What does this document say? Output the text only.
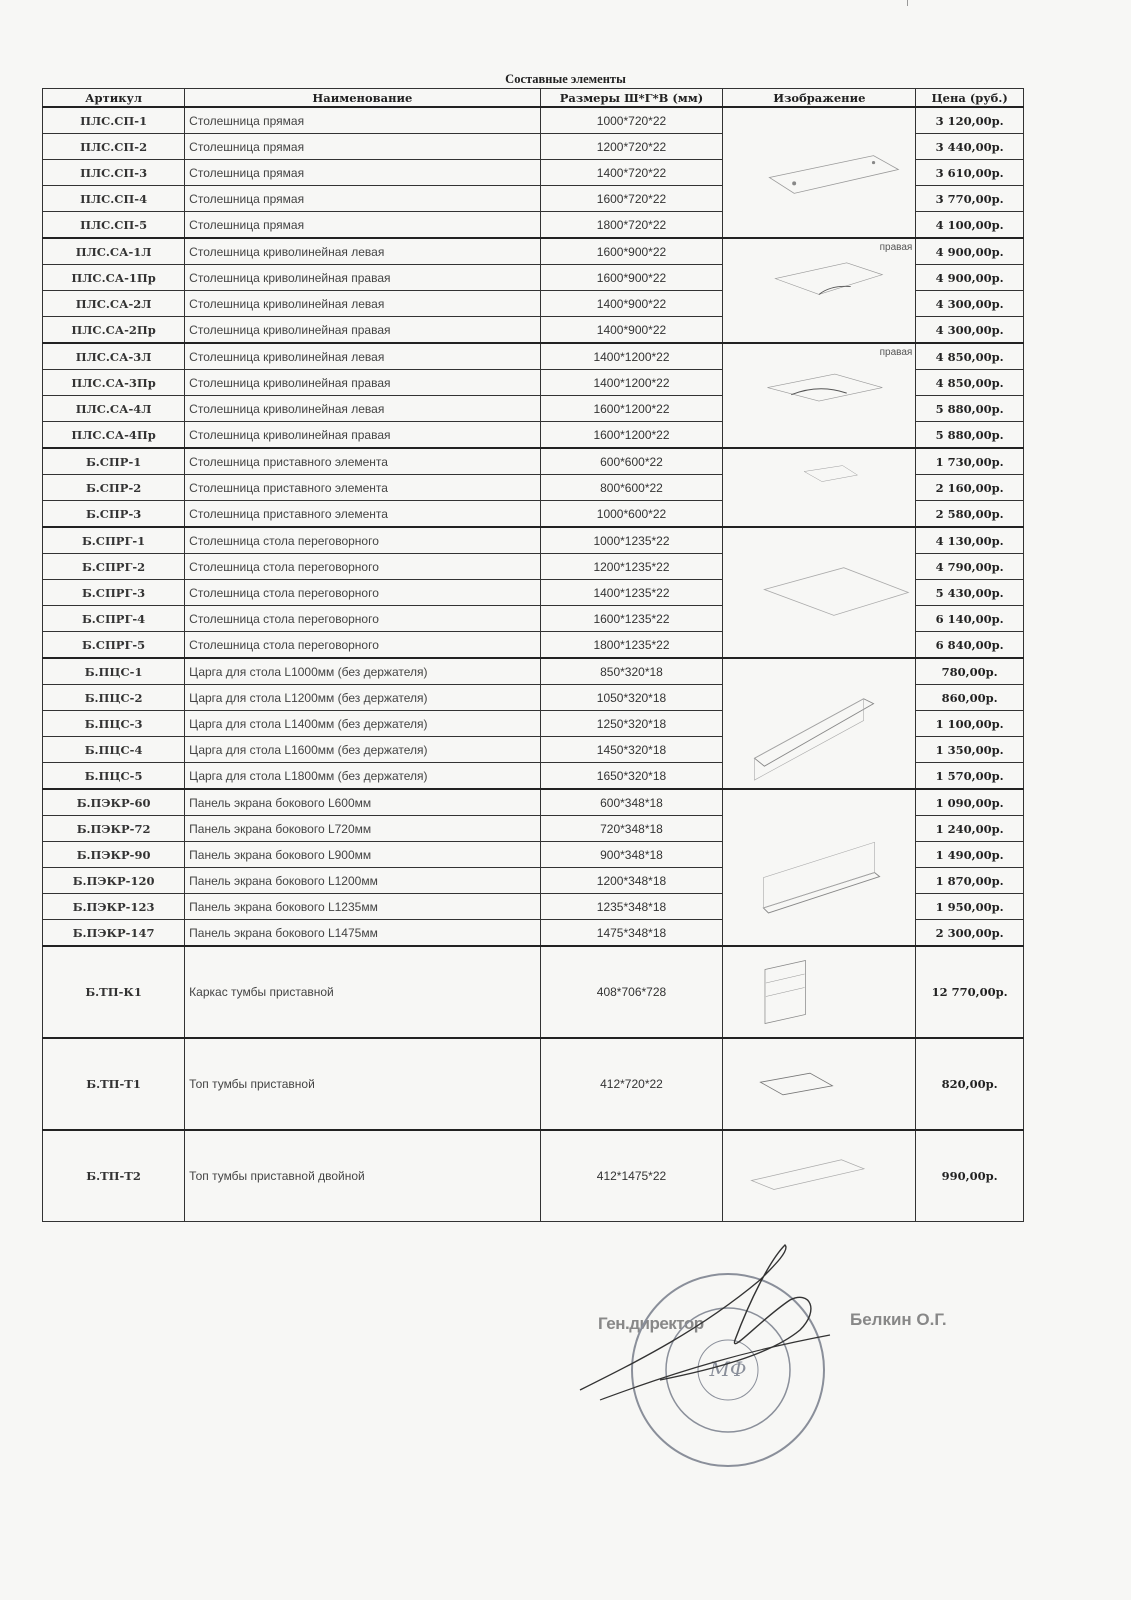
Составные элементы
Артикул	Наименование	Размеры Ш*Г*В (мм)	Изображение	Цена (руб.)
ПЛС.СП-1	Столешница прямая	1000*720*22		3 120,00р.
ПЛС.СП-2	Столешница прямая	1200*720*22		3 440,00р.
ПЛС.СП-3	Столешница прямая	1400*720*22		3 610,00р.
ПЛС.СП-4	Столешница прямая	1600*720*22		3 770,00р.
ПЛС.СП-5	Столешница прямая	1800*720*22		4 100,00р.
ПЛС.СА-1Л	Столешница криволинейная левая	1600*900*22	правая	4 900,00р.
ПЛС.СА-1Пр	Столешница криволинейная правая	1600*900*22		4 900,00р.
ПЛС.СА-2Л	Столешница криволинейная левая	1400*900*22		4 300,00р.
ПЛС.СА-2Пр	Столешница криволинейная правая	1400*900*22		4 300,00р.
ПЛС.СА-3Л	Столешница криволинейная левая	1400*1200*22	правая	4 850,00р.
ПЛС.СА-3Пр	Столешница криволинейная правая	1400*1200*22		4 850,00р.
ПЛС.СА-4Л	Столешница криволинейная левая	1600*1200*22		5 880,00р.
ПЛС.СА-4Пр	Столешница криволинейная правая	1600*1200*22		5 880,00р.
Б.СПР-1	Столешница приставного элемента	600*600*22		1 730,00р.
Б.СПР-2	Столешница приставного элемента	800*600*22		2 160,00р.
Б.СПР-3	Столешница приставного элемента	1000*600*22		2 580,00р.
Б.СПРГ-1	Столешница стола переговорного	1000*1235*22		4 130,00р.
Б.СПРГ-2	Столешница стола переговорного	1200*1235*22		4 790,00р.
Б.СПРГ-3	Столешница стола переговорного	1400*1235*22		5 430,00р.
Б.СПРГ-4	Столешница стола переговорного	1600*1235*22		6 140,00р.
Б.СПРГ-5	Столешница стола переговорного	1800*1235*22		6 840,00р.
Б.ПЦС-1	Царга для стола L1000мм (без держателя)	850*320*18		780,00р.
Б.ПЦС-2	Царга для стола L1200мм (без держателя)	1050*320*18		860,00р.
Б.ПЦС-3	Царга для стола L1400мм (без держателя)	1250*320*18		1 100,00р.
Б.ПЦС-4	Царга для стола L1600мм (без держателя)	1450*320*18		1 350,00р.
Б.ПЦС-5	Царга для стола L1800мм (без держателя)	1650*320*18		1 570,00р.
Б.ПЭКР-60	Панель экрана бокового L600мм	600*348*18		1 090,00р.
Б.ПЭКР-72	Панель экрана бокового L720мм	720*348*18		1 240,00р.
Б.ПЭКР-90	Панель экрана бокового L900мм	900*348*18		1 490,00р.
Б.ПЭКР-120	Панель экрана бокового L1200мм	1200*348*18		1 870,00р.
Б.ПЭКР-123	Панель экрана бокового L1235мм	1235*348*18		1 950,00р.
Б.ПЭКР-147	Панель экрана бокового L1475мм	1475*348*18		2 300,00р.
Б.ТП-К1	Каркас тумбы приставной	408*706*728		12 770,00р.
Б.ТП-Т1	Топ тумбы приставной	412*720*22		820,00р.
Б.ТП-Т2	Топ тумбы приставной двойной	412*1475*22		990,00р.
Ген.директор	Белкин О.Г.
МФ
